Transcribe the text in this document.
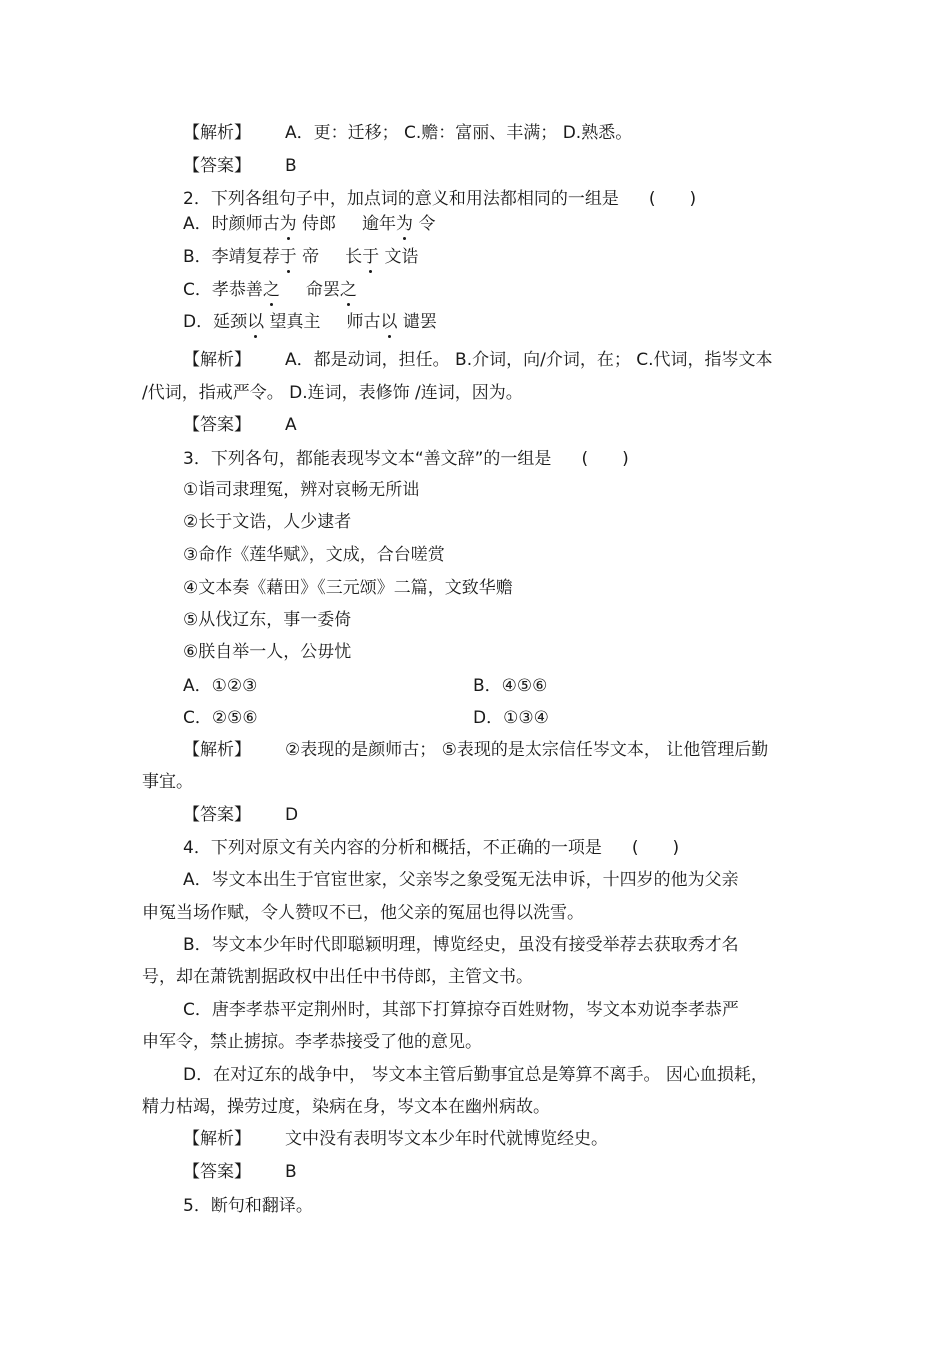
【解析】 A．更：迁移； C.赡：富丽、丰满； D.熟悉。
【答案】 B
2．下列各组句子中，加点词的意义和用法都相同的一组是 (　　)
A．时颜师古为 侍郎 逾年为 令
B．李靖复荐于 帝 长于 文诰
C．孝恭善之 命罢之
D．延颈以 望真主 师古以 谴罢
【解析】 A．都是动词，担任。 B.介词，向/介词，在； C.代词，指岑文本
/代词，指戒严令。 D.连词，表修饰 /连词，因为。
【答案】 A
3．下列各句，都能表现岑文本“善文辞”的一组是 (　　)
①诣司隶理冤，辨对哀畅无所诎
②长于文诰，人少逮者
③命作《莲华赋》，文成，合台嗟赏
④文本奏《藉田》《三元颂》二篇，文致华赡
⑤从伐辽东，事一委倚
⑥朕自举一人，公毋忧
A．①②③	B．④⑤⑥
C．②⑤⑥	D．①③④
【解析】 ②表现的是颜师古； ⑤表现的是太宗信任岑文本， 让他管理后勤
事宜。
【答案】 D
4．下列对原文有关内容的分析和概括，不正确的一项是 (　　)
A．岑文本出生于官宦世家，父亲岑之象受冤无法申诉，十四岁的他为父亲
申冤当场作赋，令人赞叹不已，他父亲的冤屈也得以洗雪。
B．岑文本少年时代即聪颖明理，博览经史，虽没有接受举荐去获取秀才名
号，却在萧铣割据政权中出任中书侍郎，主管文书。
C．唐李孝恭平定荆州时，其部下打算掠夺百姓财物，岑文本劝说李孝恭严
申军令，禁止掳掠。李孝恭接受了他的意见。
D．在对辽东的战争中， 岑文本主管后勤事宜总是筹算不离手。 因心血损耗，
精力枯竭，操劳过度，染病在身，岑文本在幽州病故。
【解析】 文中没有表明岑文本少年时代就博览经史。
【答案】 B
5．断句和翻译。
